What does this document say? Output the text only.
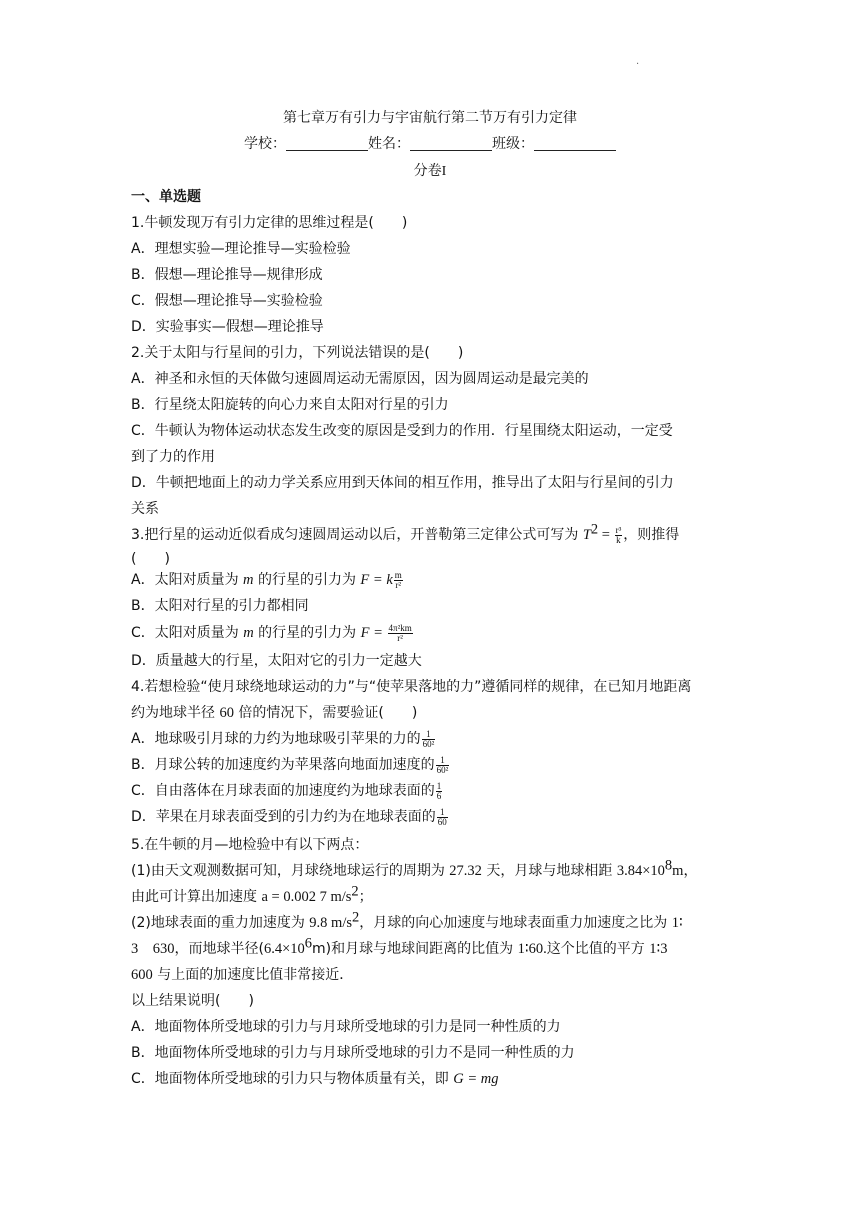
.
第七章万有引力与宇宙航行第二节万有引力定律
学校：	姓名：	班级：
分卷I
一、单选题
1.牛顿发现万有引力定律的思维过程是(　　)
A．理想实验—理论推导—实验检验
B．假想—理论推导—规律形成
C．假想—理论推导—实验检验
D．实验事实—假想—理论推导
2.关于太阳与行星间的引力，下列说法错误的是(　　)
A．神圣和永恒的天体做匀速圆周运动无需原因，因为圆周运动是最完美的
B．行星绕太阳旋转的向心力来自太阳对行星的引力
C．牛顿认为物体运动状态发生改变的原因是受到力的作用．行星围绕太阳运动，一定受
到了力的作用
D．牛顿把地面上的动力学关系应用到天体间的相互作用，推导出了太阳与行星间的引力
关系
3.把行星的运动近似看成匀速圆周运动以后，开普勒第三定律公式可写为 $T^2 = \frac{\text{r³}}{k}$ ，则推得
(　　)
A．太阳对质量为 m 的行星的引力为 F = k $\frac{m}{\text{r²}}$
B．太阳对行星的引力都相同
C．太阳对质量为 m 的行星的引力为 $F = \frac{\text{4π²km}}{\text{r²}}$
D．质量越大的行星，太阳对它的引力一定越大
4.若想检验“使月球绕地球运动的力”与“使苹果落地的力”遵循同样的规律，在已知月地距离
约为地球半径 60 倍的情况下，需要验证(　　)
A．地球吸引月球的力约为地球吸引苹果的力的 $\frac{1}{\text{60²}}$
B．月球公转的加速度约为苹果落向地面加速度的 $\frac{1}{\text{60²}}$
C．自由落体在月球表面的加速度约为地球表面的 $\frac{1}{6}$
D．苹果在月球表面受到的引力约为在地球表面的 $\frac{1}{60}$
5.在牛顿的月—地检验中有以下两点：
(1)由天文观测数据可知，月球绕地球运行的周期为 27.32 天，月球与地球相距 $3.84\times 10^8m$，
由此可计算出加速度 a = 0.002 7 $m/s^2$；
(2)地球表面的重力加速度为 9.8 $m/s^2$，月球的向心加速度与地球表面重力加速度之比为 1∶
3　630，而地球半径$(6.4\times 10^6m)$和月球与地球间距离的比值为 1∶60.这个比值的平方 1∶3
600 与上面的加速度比值非常接近．
以上结果说明(　　)
A．地面物体所受地球的引力与月球所受地球的引力是同一种性质的力
B．地面物体所受地球的引力与月球所受地球的引力不是同一种性质的力
C．地面物体所受地球的引力只与物体质量有关，即 G = mg
